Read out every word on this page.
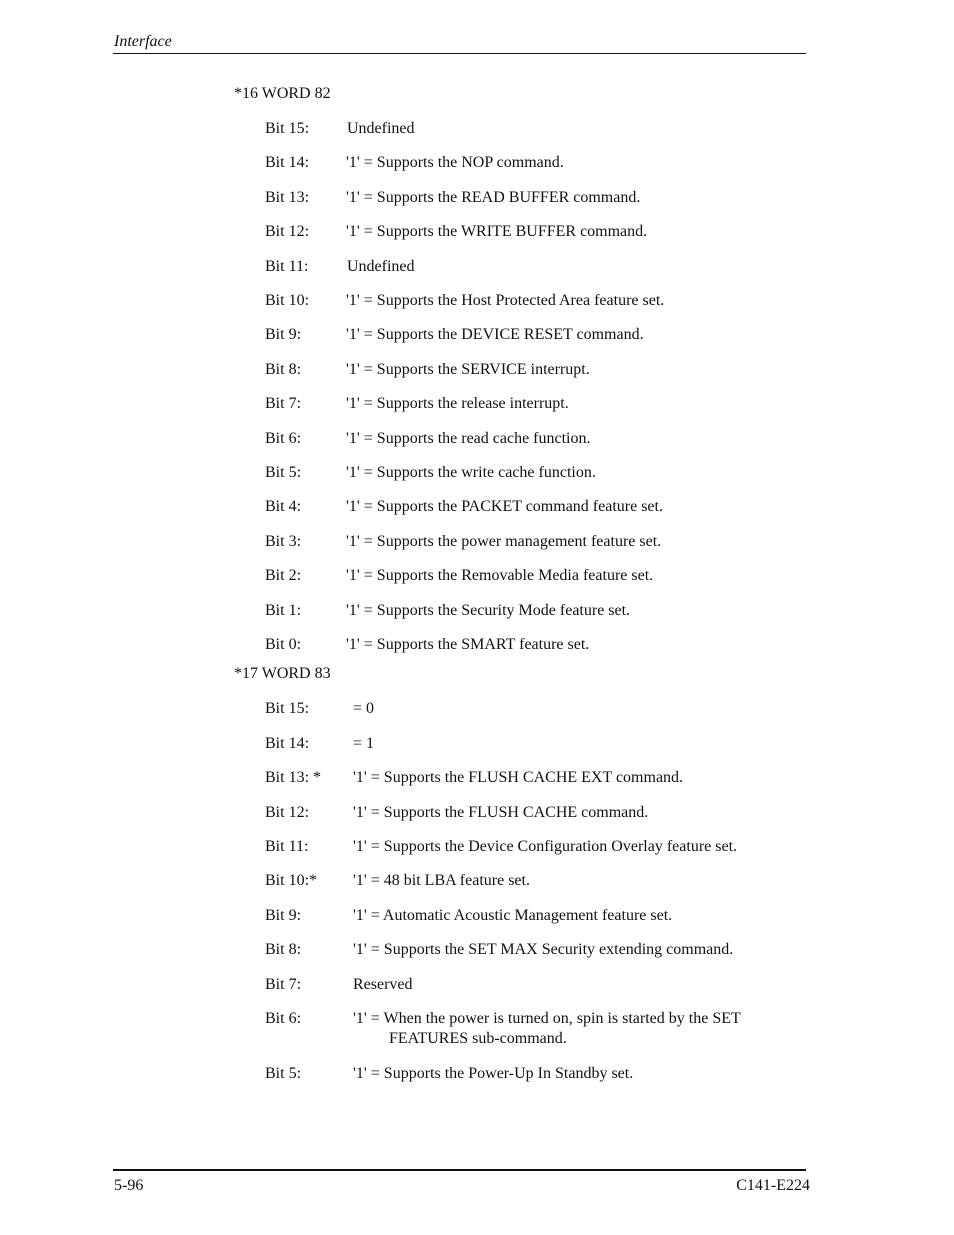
Interface
*16 WORD 82
Bit 15: Undefined
Bit 14: '1' = Supports the NOP command.
Bit 13: '1' = Supports the READ BUFFER command.
Bit 12: '1' = Supports the WRITE BUFFER command.
Bit 11: Undefined
Bit 10: '1' = Supports the Host Protected Area feature set.
Bit 9:	'1' = Supports the DEVICE RESET command.
Bit 8:	'1' = Supports the SERVICE interrupt.
Bit 7:	'1' = Supports the release interrupt.
Bit 6:	'1' = Supports the read cache function.
Bit 5:	'1' = Supports the write cache function.
Bit 4:	'1' = Supports the PACKET command feature set.
Bit 3:	'1' = Supports the power management feature set.
Bit 2:	'1' = Supports the Removable Media feature set.
Bit 1:	'1' = Supports the Security Mode feature set.
Bit 0:	'1' = Supports the SMART feature set.
*17 WORD 83
Bit 15:	= 0
Bit 14:	= 1
Bit 13: * '1' = Supports the FLUSH CACHE EXT command.
Bit 12:	'1' = Supports the FLUSH CACHE command.
Bit 11:	'1' = Supports the Device Configuration Overlay feature set.
Bit 10:* '1' = 48 bit LBA feature set.
Bit 9:	'1' = Automatic Acoustic Management feature set.
Bit 8:	'1' = Supports the SET MAX Security extending command.
Bit 7:	Reserved
Bit 6:	'1' = When the power is turned on, spin is started by the SET
FEATURES sub-command.
Bit 5:	'1' = Supports the Power-Up In Standby set.
5-96	C141-E224
